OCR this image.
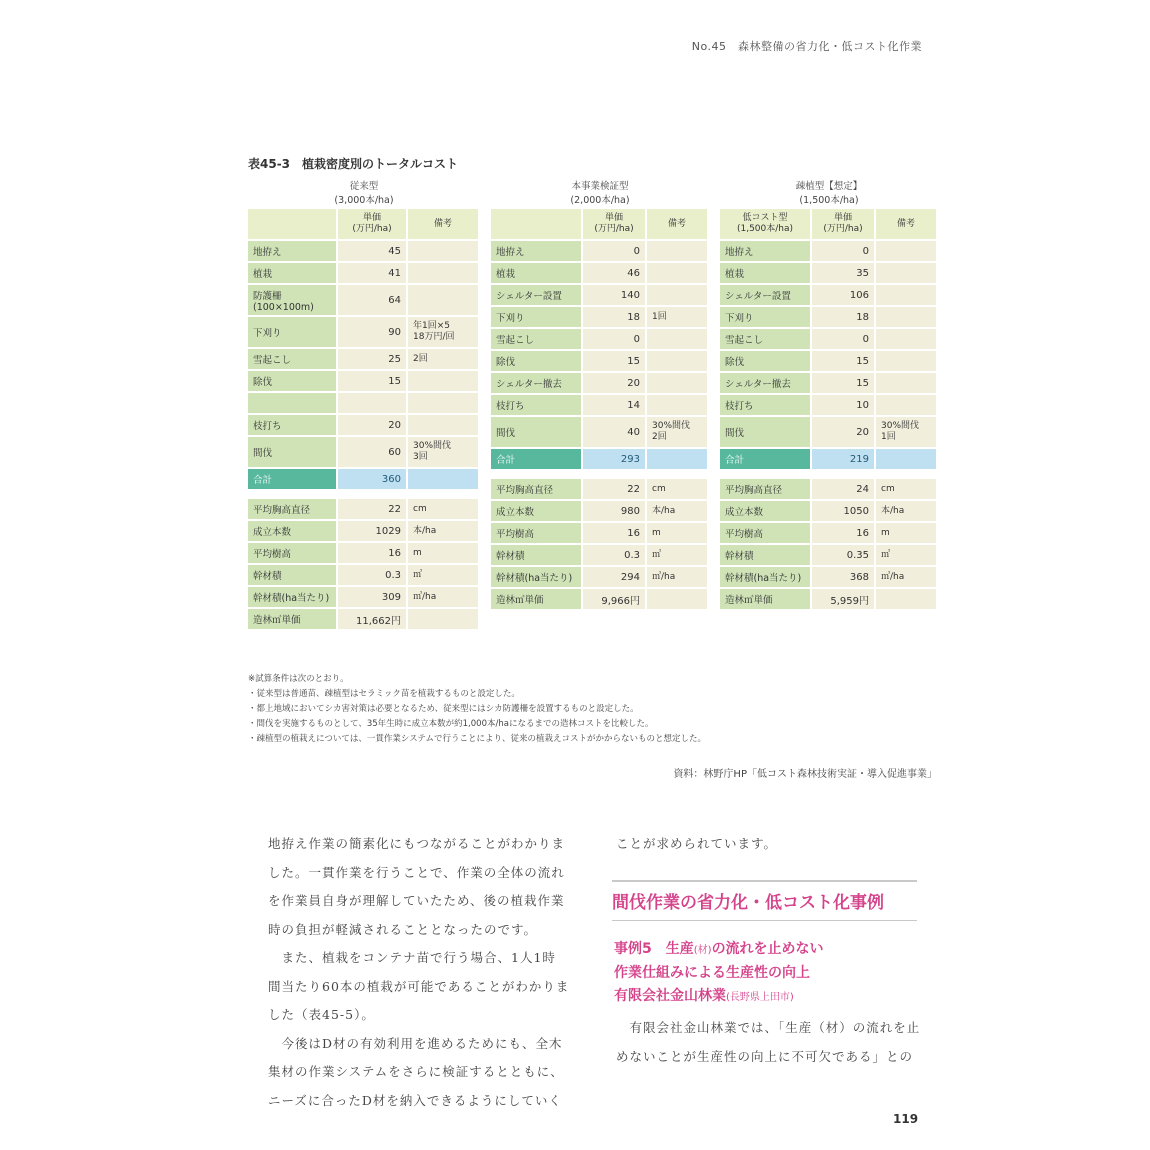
No.45　森林整備の省力化・低コスト化作業
表45-3　植栽密度別のトータルコスト
従来型
(3,000本/ha)
本事業検証型
(2,000本/ha)
疎植型【想定】
(1,500本/ha)
	単価
(万円/ha)	備考
地拵え	45	
植栽	41	
防護柵
(100×100m)	64	
下刈り	90	年1回×5
18万円/回
雪起こし	25	2回
除伐	15	

枝打ち	20	
間伐	60	30%間伐
3回
合計	360	

平均胸高直径	22	cm
成立本数	1029	本/ha
平均樹高	16	m
幹材積	0.3	㎥
幹材積(ha当たり)	309	㎥/ha
造林㎥単価	11,662円	
	単価
(万円/ha)	備考
地拵え	0	
植栽	46	
シェルター設置	140	
下刈り	18	1回
雪起こし	0	
除伐	15	
シェルター撤去	20	
枝打ち	14	
間伐	40	30%間伐
2回
合計	293	

平均胸高直径	22	cm
成立本数	980	本/ha
平均樹高	16	m
幹材積	0.3	㎥
幹材積(ha当たり)	294	㎥/ha
造林㎥単価	9,966円	
低コスト型
(1,500本/ha)	単価
(万円/ha)	備考
地拵え	0	
植栽	35	
シェルター設置	106	
下刈り	18	
雪起こし	0	
除伐	15	
シェルター撤去	15	
枝打ち	10	
間伐	20	30%間伐
1回
合計	219	

平均胸高直径	24	cm
成立本数	1050	本/ha
平均樹高	16	m
幹材積	0.35	㎥
幹材積(ha当たり)	368	㎥/ha
造林㎥単価	5,959円	
※試算条件は次のとおり。
・従来型は普通苗、疎植型はセラミック苗を植栽するものと設定した。
・都上地域においてシカ害対策は必要となるため、従来型にはシカ防護柵を設置するものと設定した。
・間伐を実施するものとして、35年生時に成立本数が約1,000本/haになるまでの造林コストを比較した。
・疎植型の植栽えについては、一貫作業システムで行うことにより、従来の植栽えコストがかからないものと想定した。
資料：林野庁HP「低コスト森林技術実証・導入促進事業」
地拵え作業の簡素化にもつながることがわかりま
した。一貫作業を行うことで、作業の全体の流れ
を作業員自身が理解していたため、後の植栽作業
時の負担が軽減されることとなったのです。
　また、植栽をコンテナ苗で行う場合、1人1時
間当たり60本の植栽が可能であることがわかりま
した（表45-5）。
　今後はD材の有効利用を進めるためにも、全木
集材の作業システムをさらに検証するとともに、
ニーズに合ったD材を納入できるようにしていく
ことが求められています。
間伐作業の省力化・低コスト化事例
事例5　生産(材)の流れを止めない
作業仕組みによる生産性の向上
有限会社金山林業(長野県上田市)
　有限会社金山林業では、「生産（材）の流れを止
めないことが生産性の向上に不可欠である」との
119
